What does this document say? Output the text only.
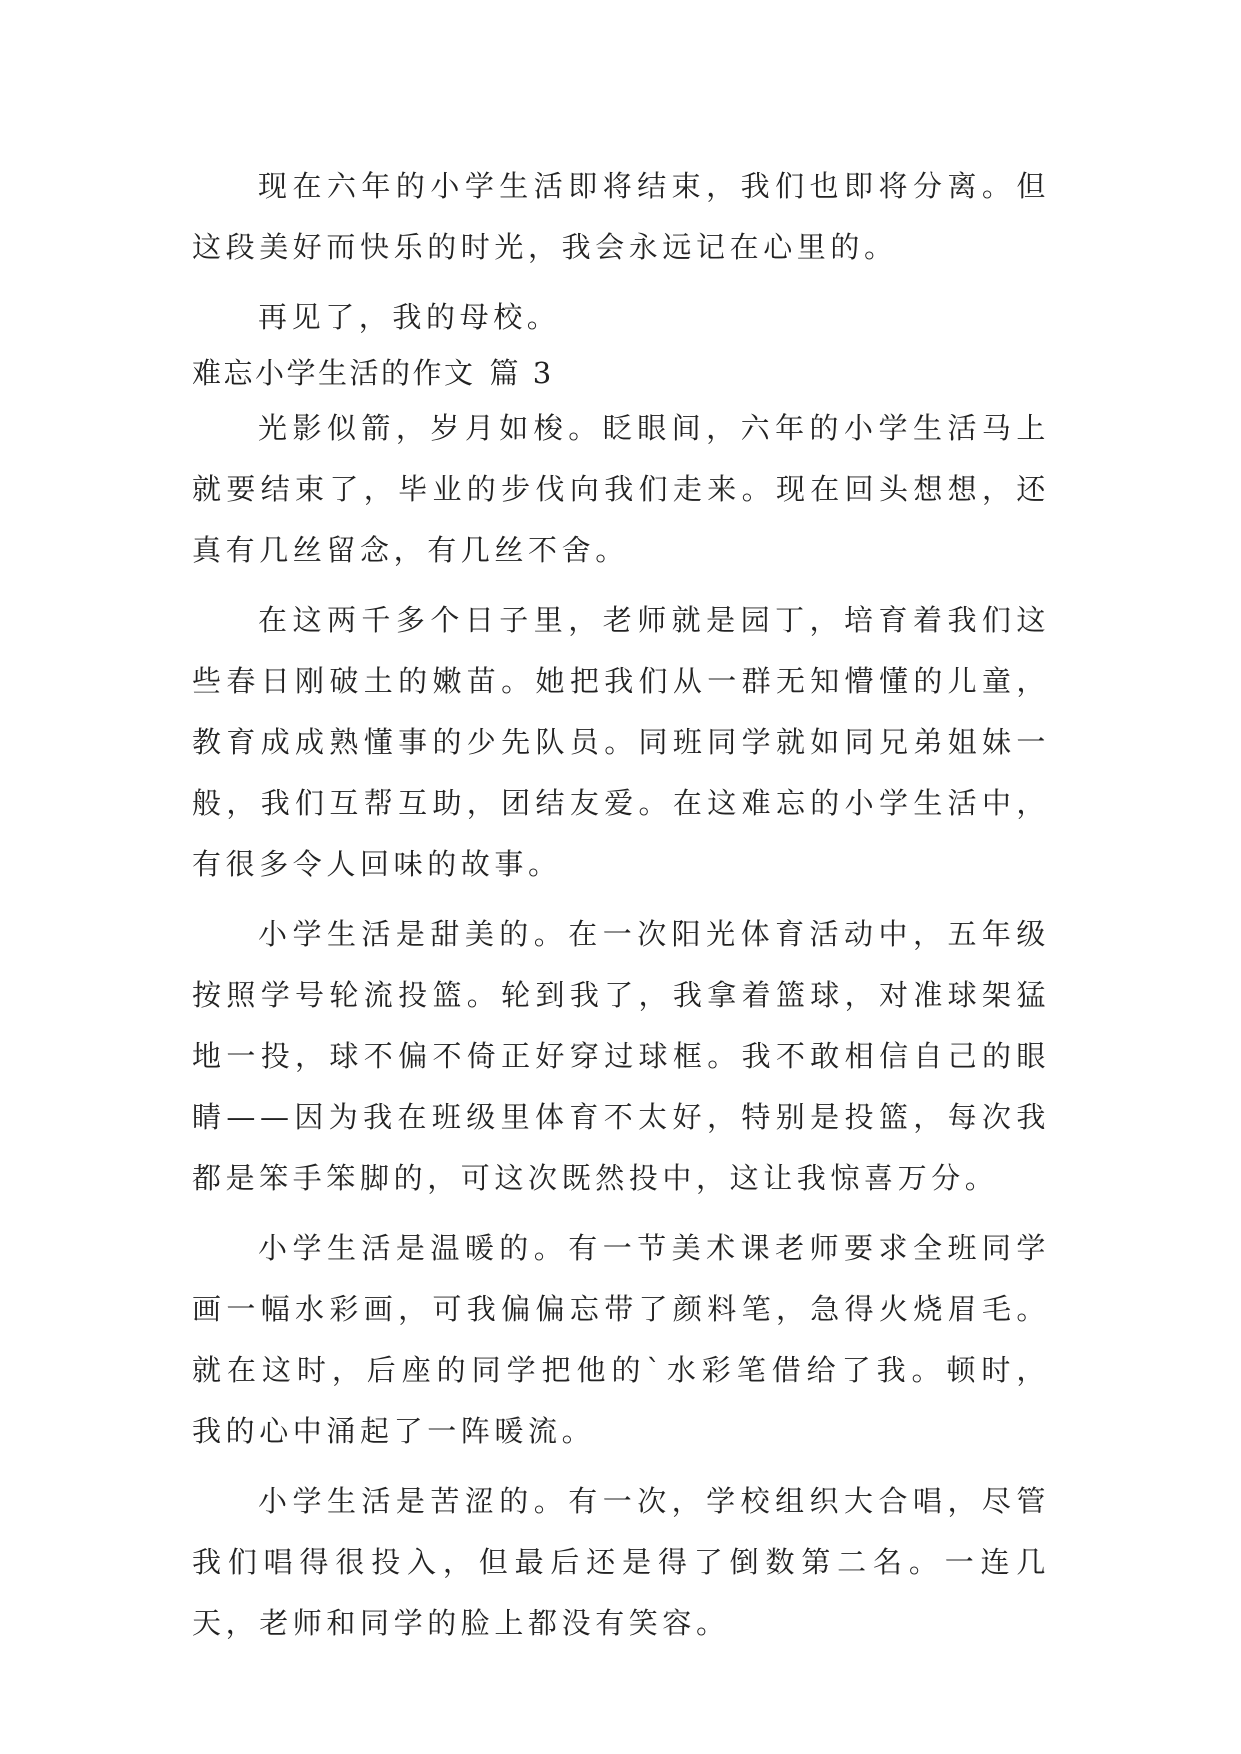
现在六年的小学生活即将结束，我们也即将分离。但这段美好而快乐的时光，我会永远记在心里的。

再见了，我的母校。

难忘小学生活的作文 篇 3

光影似箭，岁月如梭。眨眼间，六年的小学生活马上就要结束了，毕业的步伐向我们走来。现在回头想想，还真有几丝留念，有几丝不舍。

在这两千多个日子里，老师就是园丁，培育着我们这些春日刚破土的嫩苗。她把我们从一群无知懵懂的儿童，教育成成熟懂事的少先队员。同班同学就如同兄弟姐妹一般，我们互帮互助，团结友爱。在这难忘的小学生活中，有很多令人回味的故事。

小学生活是甜美的。在一次阳光体育活动中，五年级按照学号轮流投篮。轮到我了，我拿着篮球，对准球架猛地一投，球不偏不倚正好穿过球框。我不敢相信自己的眼睛——因为我在班级里体育不太好，特别是投篮，每次我都是笨手笨脚的，可这次既然投中，这让我惊喜万分。

小学生活是温暖的。有一节美术课老师要求全班同学画一幅水彩画，可我偏偏忘带了颜料笔，急得火烧眉毛。就在这时，后座的同学把他的`水彩笔借给了我。顿时，我的心中涌起了一阵暖流。

小学生活是苦涩的。有一次，学校组织大合唱，尽管我们唱得很投入，但最后还是得了倒数第二名。一连几天，老师和同学的脸上都没有笑容。
